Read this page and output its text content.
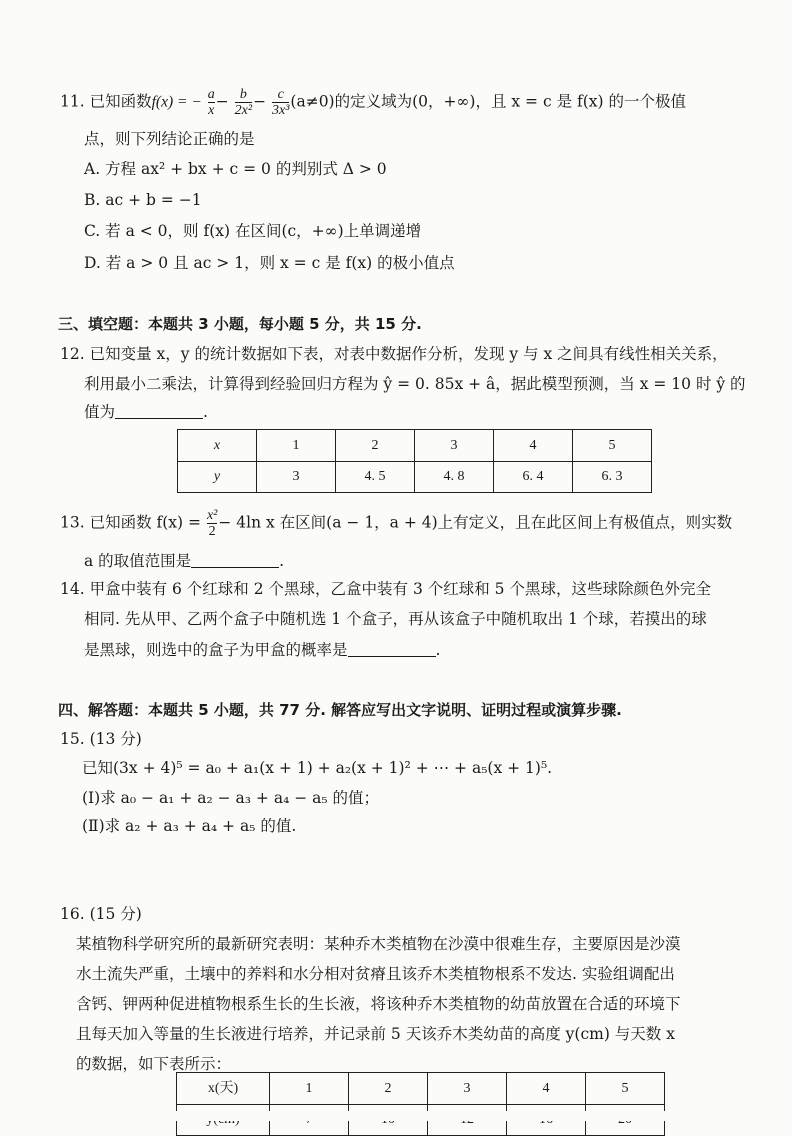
11. 已知函数f(x) = − $\frac{a}{x} - \frac{b}{\text{2x²}} - \frac{c}{\text{3x³}} (a\ne 0)$的定义域为(0，+∞)，且 x = c 是 f(x) 的一个极值
点，则下列结论正确的是
A. 方程 ax² + bx + c = 0 的判别式 Δ > 0
B. ac + b = −1
C. 若 a < 0，则 f(x) 在区间(c，+∞)上单调递增
D. 若 a > 0 且 ac > 1，则 x = c 是 f(x) 的极小值点
三、填空题：本题共 3 小题，每小题 5 分，共 15 分.
12. 已知变量 x，y 的统计数据如下表，对表中数据作分析，发现 y 与 x 之间具有线性相关关系，
利用最小二乘法，计算得到经验回归方程为 ŷ = 0. 85x + â，据此模型预测，当 x = 10 时 ŷ 的
值为	.
x	1	2	3	4	5
y	3	4. 5	4. 8	6. 4	6. 3
13. 已知函数 $f(x) = \frac{\text{x²}}{2} - 4\ln$ x 在区间(a − 1，a + 4)上有定义，且在此区间上有极值点，则实数
a 的取值范围是	.
14. 甲盒中装有 6 个红球和 2 个黑球，乙盒中装有 3 个红球和 5 个黑球，这些球除颜色外完全
相同. 先从甲、乙两个盒子中随机选 1 个盒子，再从该盒子中随机取出 1 个球，若摸出的球
是黑球，则选中的盒子为甲盒的概率是	.
四、解答题：本题共 5 小题，共 77 分. 解答应写出文字说明、证明过程或演算步骤.
15. (13 分)
已知(3x + 4)⁵ = a₀ + a₁(x + 1) + a₂(x + 1)² + ⋯ + a₅(x + 1)⁵.
(Ⅰ)求 a₀ − a₁ + a₂ − a₃ + a₄ − a₅ 的值；
(Ⅱ)求 a₂ + a₃ + a₄ + a₅ 的值.
16. (15 分)
某植物科学研究所的最新研究表明：某种乔木类植物在沙漠中很难生存，主要原因是沙漠
水土流失严重，土壤中的养料和水分相对贫瘠且该乔木类植物根系不发达. 实验组调配出
含钙、钾两种促进植物根系生长的生长液，将该种乔木类植物的幼苗放置在合适的环境下
且每天加入等量的生长液进行培养，并记录前 5 天该乔木类幼苗的高度 y(cm) 与天数 x
的数据，如下表所示：
x(天)	1	2	3	4	5
